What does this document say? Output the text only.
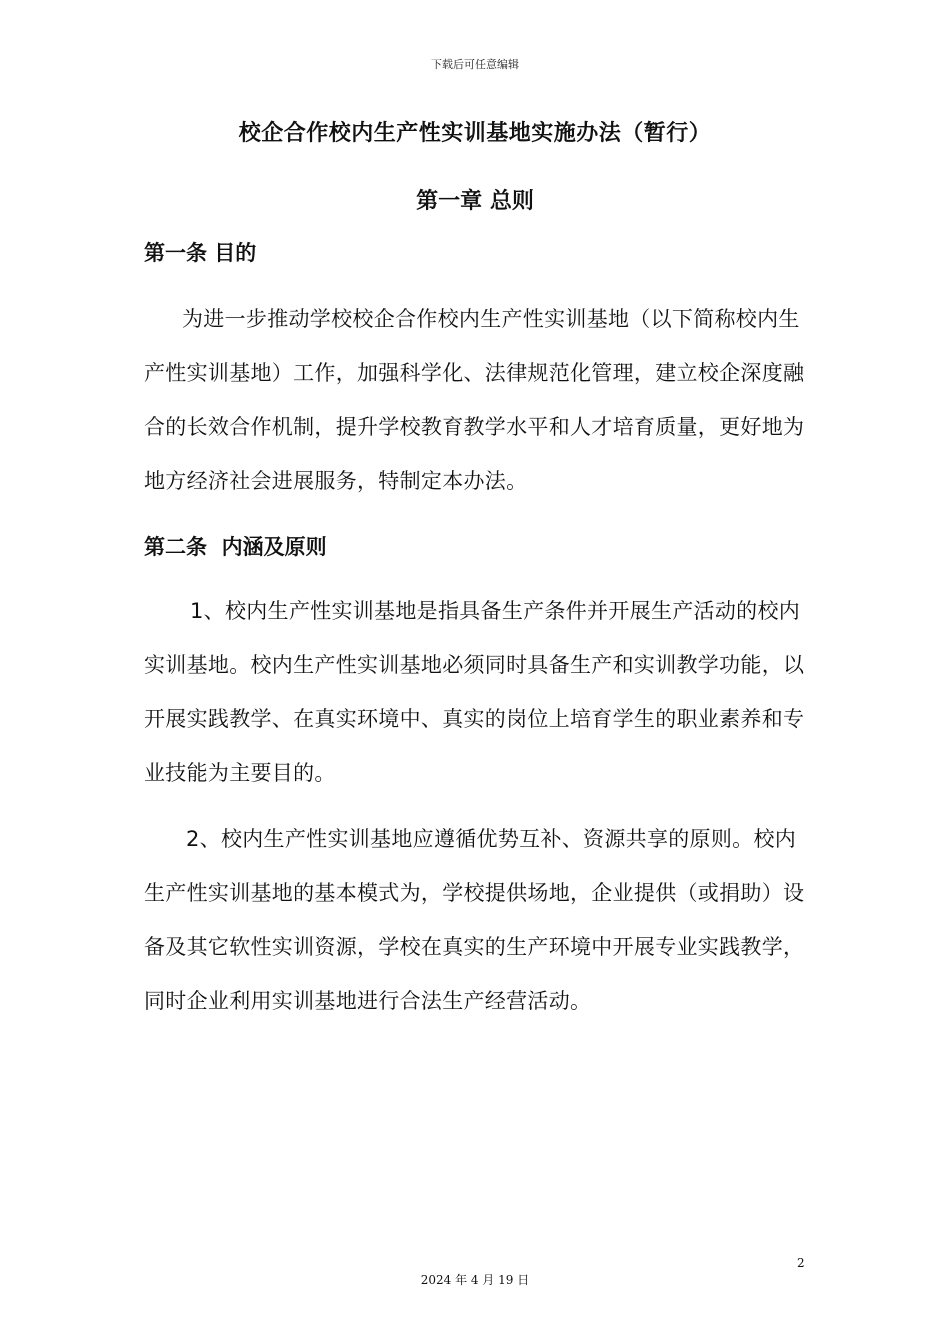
下载后可任意编辑
校企合作校内生产性实训基地实施办法（暂行）
第一章 总则
第一条 目的
为进一步推动学校校企合作校内生产性实训基地（以下简称校内生产性实训基地）工作，加强科学化、法律规范化管理，建立校企深度融合的长效合作机制，提升学校教育教学水平和人才培育质量，更好地为地方经济社会进展服务，特制定本办法。
第二条  内涵及原则
1、校内生产性实训基地是指具备生产条件并开展生产活动的校内实训基地。校内生产性实训基地必须同时具备生产和实训教学功能，以开展实践教学、在真实环境中、真实的岗位上培育学生的职业素养和专业技能为主要目的。
2、校内生产性实训基地应遵循优势互补、资源共享的原则。校内生产性实训基地的基本模式为，学校提供场地，企业提供（或捐助）设备及其它软性实训资源，学校在真实的生产环境中开展专业实践教学，同时企业利用实训基地进行合法生产经营活动。
2
2024 年 4 月 19 日
